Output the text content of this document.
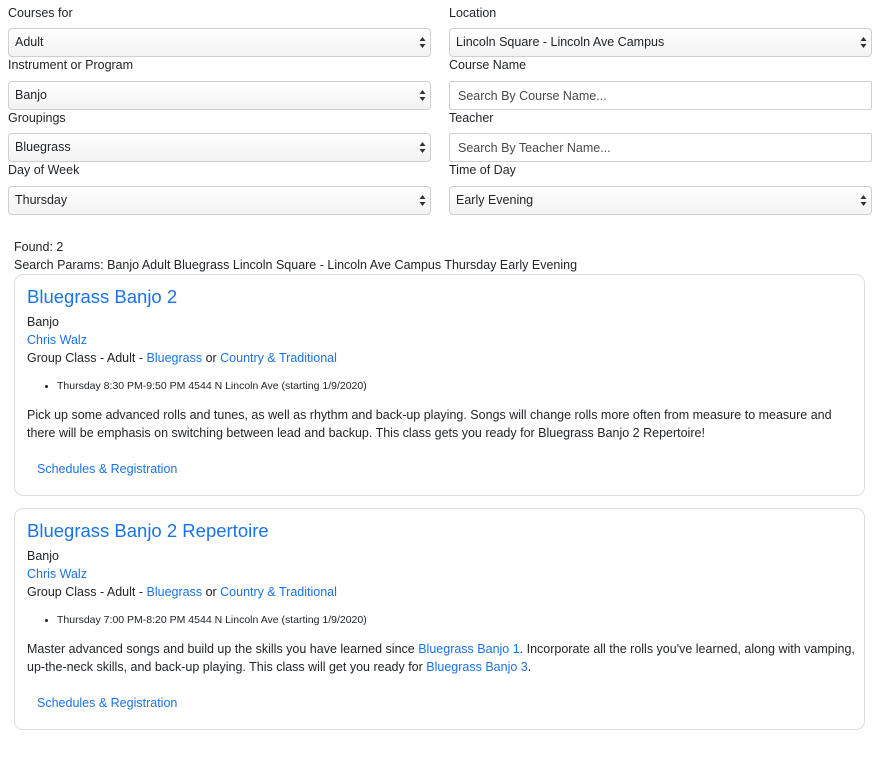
Courses for
Adult
Instrument or Program
Banjo
Groupings
Bluegrass
Day of Week
Thursday
Location
Lincoln Square - Lincoln Ave Campus
Course Name
Search By Course Name...
Teacher
Search By Teacher Name...
Time of Day
Early Evening
Found: 2
Search Params: Banjo Adult Bluegrass Lincoln Square - Lincoln Ave Campus Thursday Early Evening
Bluegrass Banjo 2
Banjo
Chris Walz
Group Class - Adult - Bluegrass or Country & Traditional
Thursday 8:30 PM-9:50 PM 4544 N Lincoln Ave (starting 1/9/2020)
Pick up some advanced rolls and tunes, as well as rhythm and back-up playing. Songs will change rolls more often from measure to measure and there will be emphasis on switching between lead and backup. This class gets you ready for Bluegrass Banjo 2 Repertoire!
Schedules & Registration
Bluegrass Banjo 2 Repertoire
Banjo
Chris Walz
Group Class - Adult - Bluegrass or Country & Traditional
Thursday 7:00 PM-8:20 PM 4544 N Lincoln Ave (starting 1/9/2020)
Master advanced songs and build up the skills you have learned since Bluegrass Banjo 1. Incorporate all the rolls you've learned, along with vamping, up-the-neck skills, and back-up playing. This class will get you ready for Bluegrass Banjo 3.
Schedules & Registration
